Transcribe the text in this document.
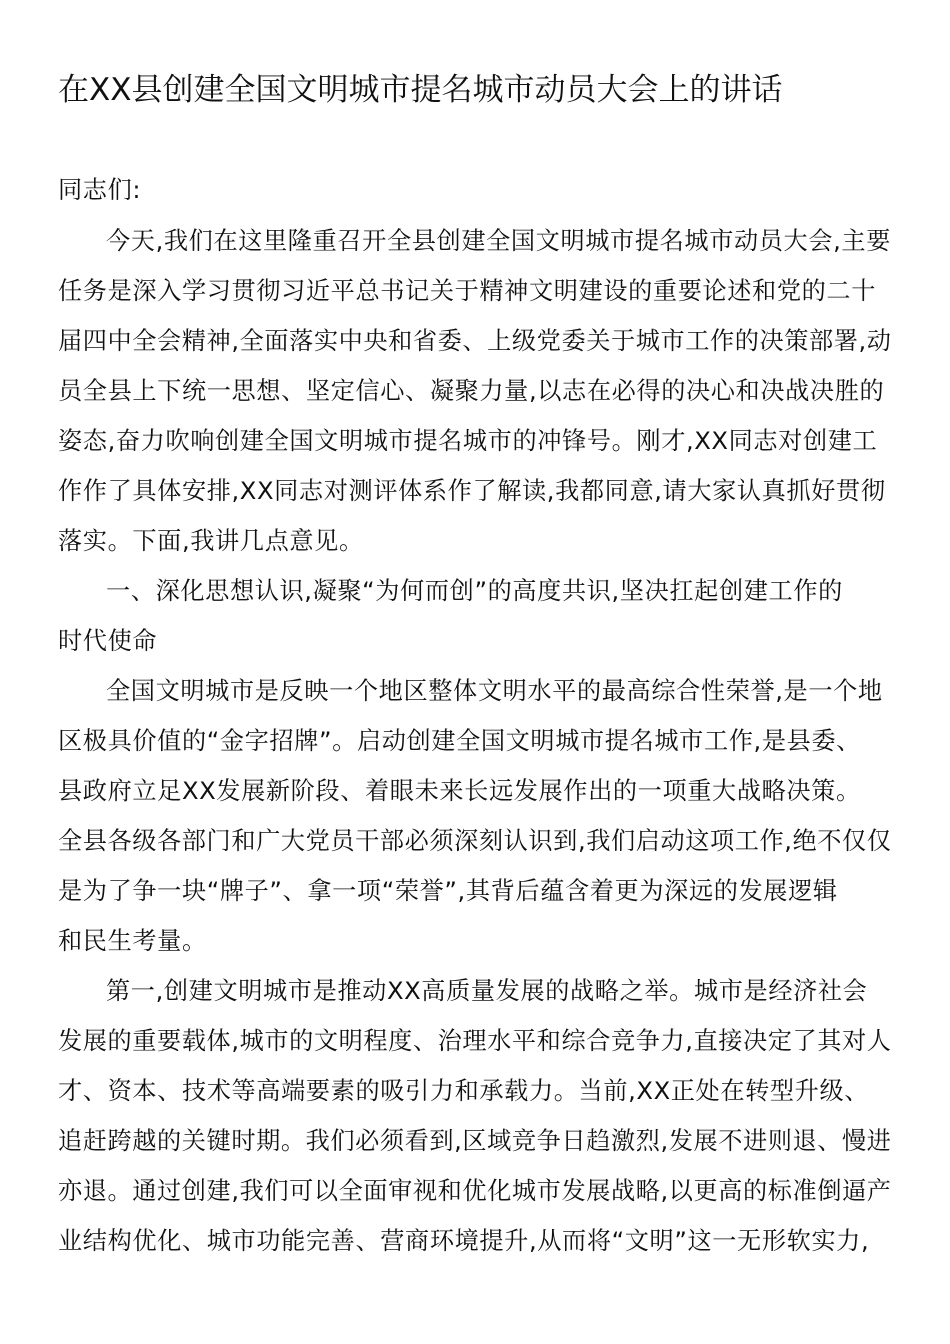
在XX县创建全国文明城市提名城市动员大会上的讲话
同志们:
今天,我们在这里隆重召开全县创建全国文明城市提名城市动员大会,主要
任务是深入学习贯彻习近平总书记关于精神文明建设的重要论述和党的二十
届四中全会精神,全面落实中央和省委、上级党委关于城市工作的决策部署,动
员全县上下统一思想、坚定信心、凝聚力量,以志在必得的决心和决战决胜的
姿态,奋力吹响创建全国文明城市提名城市的冲锋号。刚才,XX同志对创建工
作作了具体安排,XX同志对测评体系作了解读,我都同意,请大家认真抓好贯彻
落实。下面,我讲几点意见。
一、深化思想认识,凝聚“为何而创”的高度共识,坚决扛起创建工作的
时代使命
全国文明城市是反映一个地区整体文明水平的最高综合性荣誉,是一个地
区极具价值的“金字招牌”。启动创建全国文明城市提名城市工作,是县委、
县政府立足XX发展新阶段、着眼未来长远发展作出的一项重大战略决策。
全县各级各部门和广大党员干部必须深刻认识到,我们启动这项工作,绝不仅仅
是为了争一块“牌子”、拿一项“荣誉”,其背后蕴含着更为深远的发展逻辑
和民生考量。
第一,创建文明城市是推动XX高质量发展的战略之举。城市是经济社会
发展的重要载体,城市的文明程度、治理水平和综合竞争力,直接决定了其对人
才、资本、技术等高端要素的吸引力和承载力。当前,XX正处在转型升级、
追赶跨越的关键时期。我们必须看到,区域竞争日趋激烈,发展不进则退、慢进
亦退。通过创建,我们可以全面审视和优化城市发展战略,以更高的标准倒逼产
业结构优化、城市功能完善、营商环境提升,从而将“文明”这一无形软实力,
